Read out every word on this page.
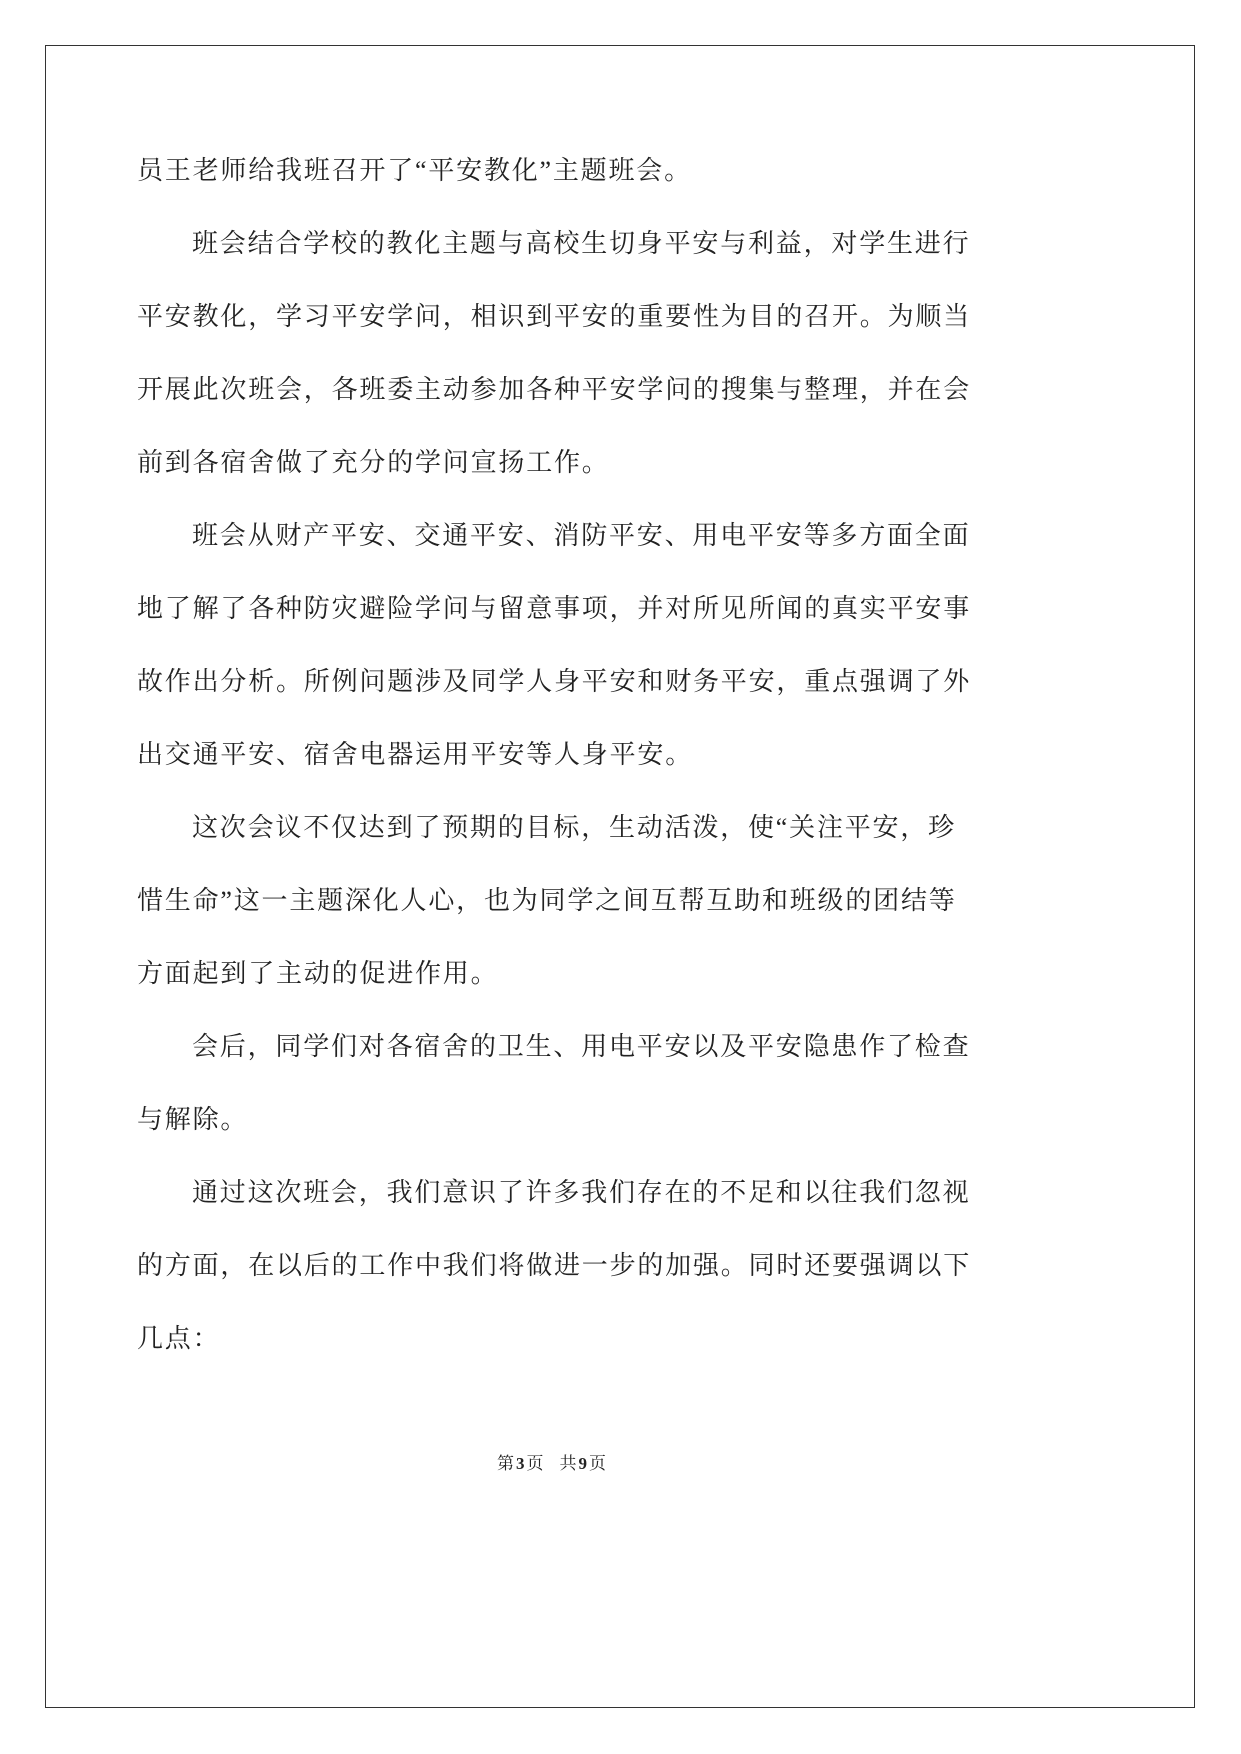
员王老师给我班召开了“平安教化”主题班会。
班会结合学校的教化主题与高校生切身平安与利益，对学生进行
平安教化，学习平安学问，相识到平安的重要性为目的召开。为顺当
开展此次班会，各班委主动参加各种平安学问的搜集与整理，并在会
前到各宿舍做了充分的学问宣扬工作。
班会从财产平安、交通平安、消防平安、用电平安等多方面全面
地了解了各种防灾避险学问与留意事项，并对所见所闻的真实平安事
故作出分析。所例问题涉及同学人身平安和财务平安，重点强调了外
出交通平安、宿舍电器运用平安等人身平安。
这次会议不仅达到了预期的目标，生动活泼，使“关注平安，珍
惜生命”这一主题深化人心，也为同学之间互帮互助和班级的团结等
方面起到了主动的促进作用。
会后，同学们对各宿舍的卫生、用电平安以及平安隐患作了检查
与解除。
通过这次班会，我们意识了许多我们存在的不足和以往我们忽视
的方面，在以后的工作中我们将做进一步的加强。同时还要强调以下
几点：
第 3 页 共 9 页
